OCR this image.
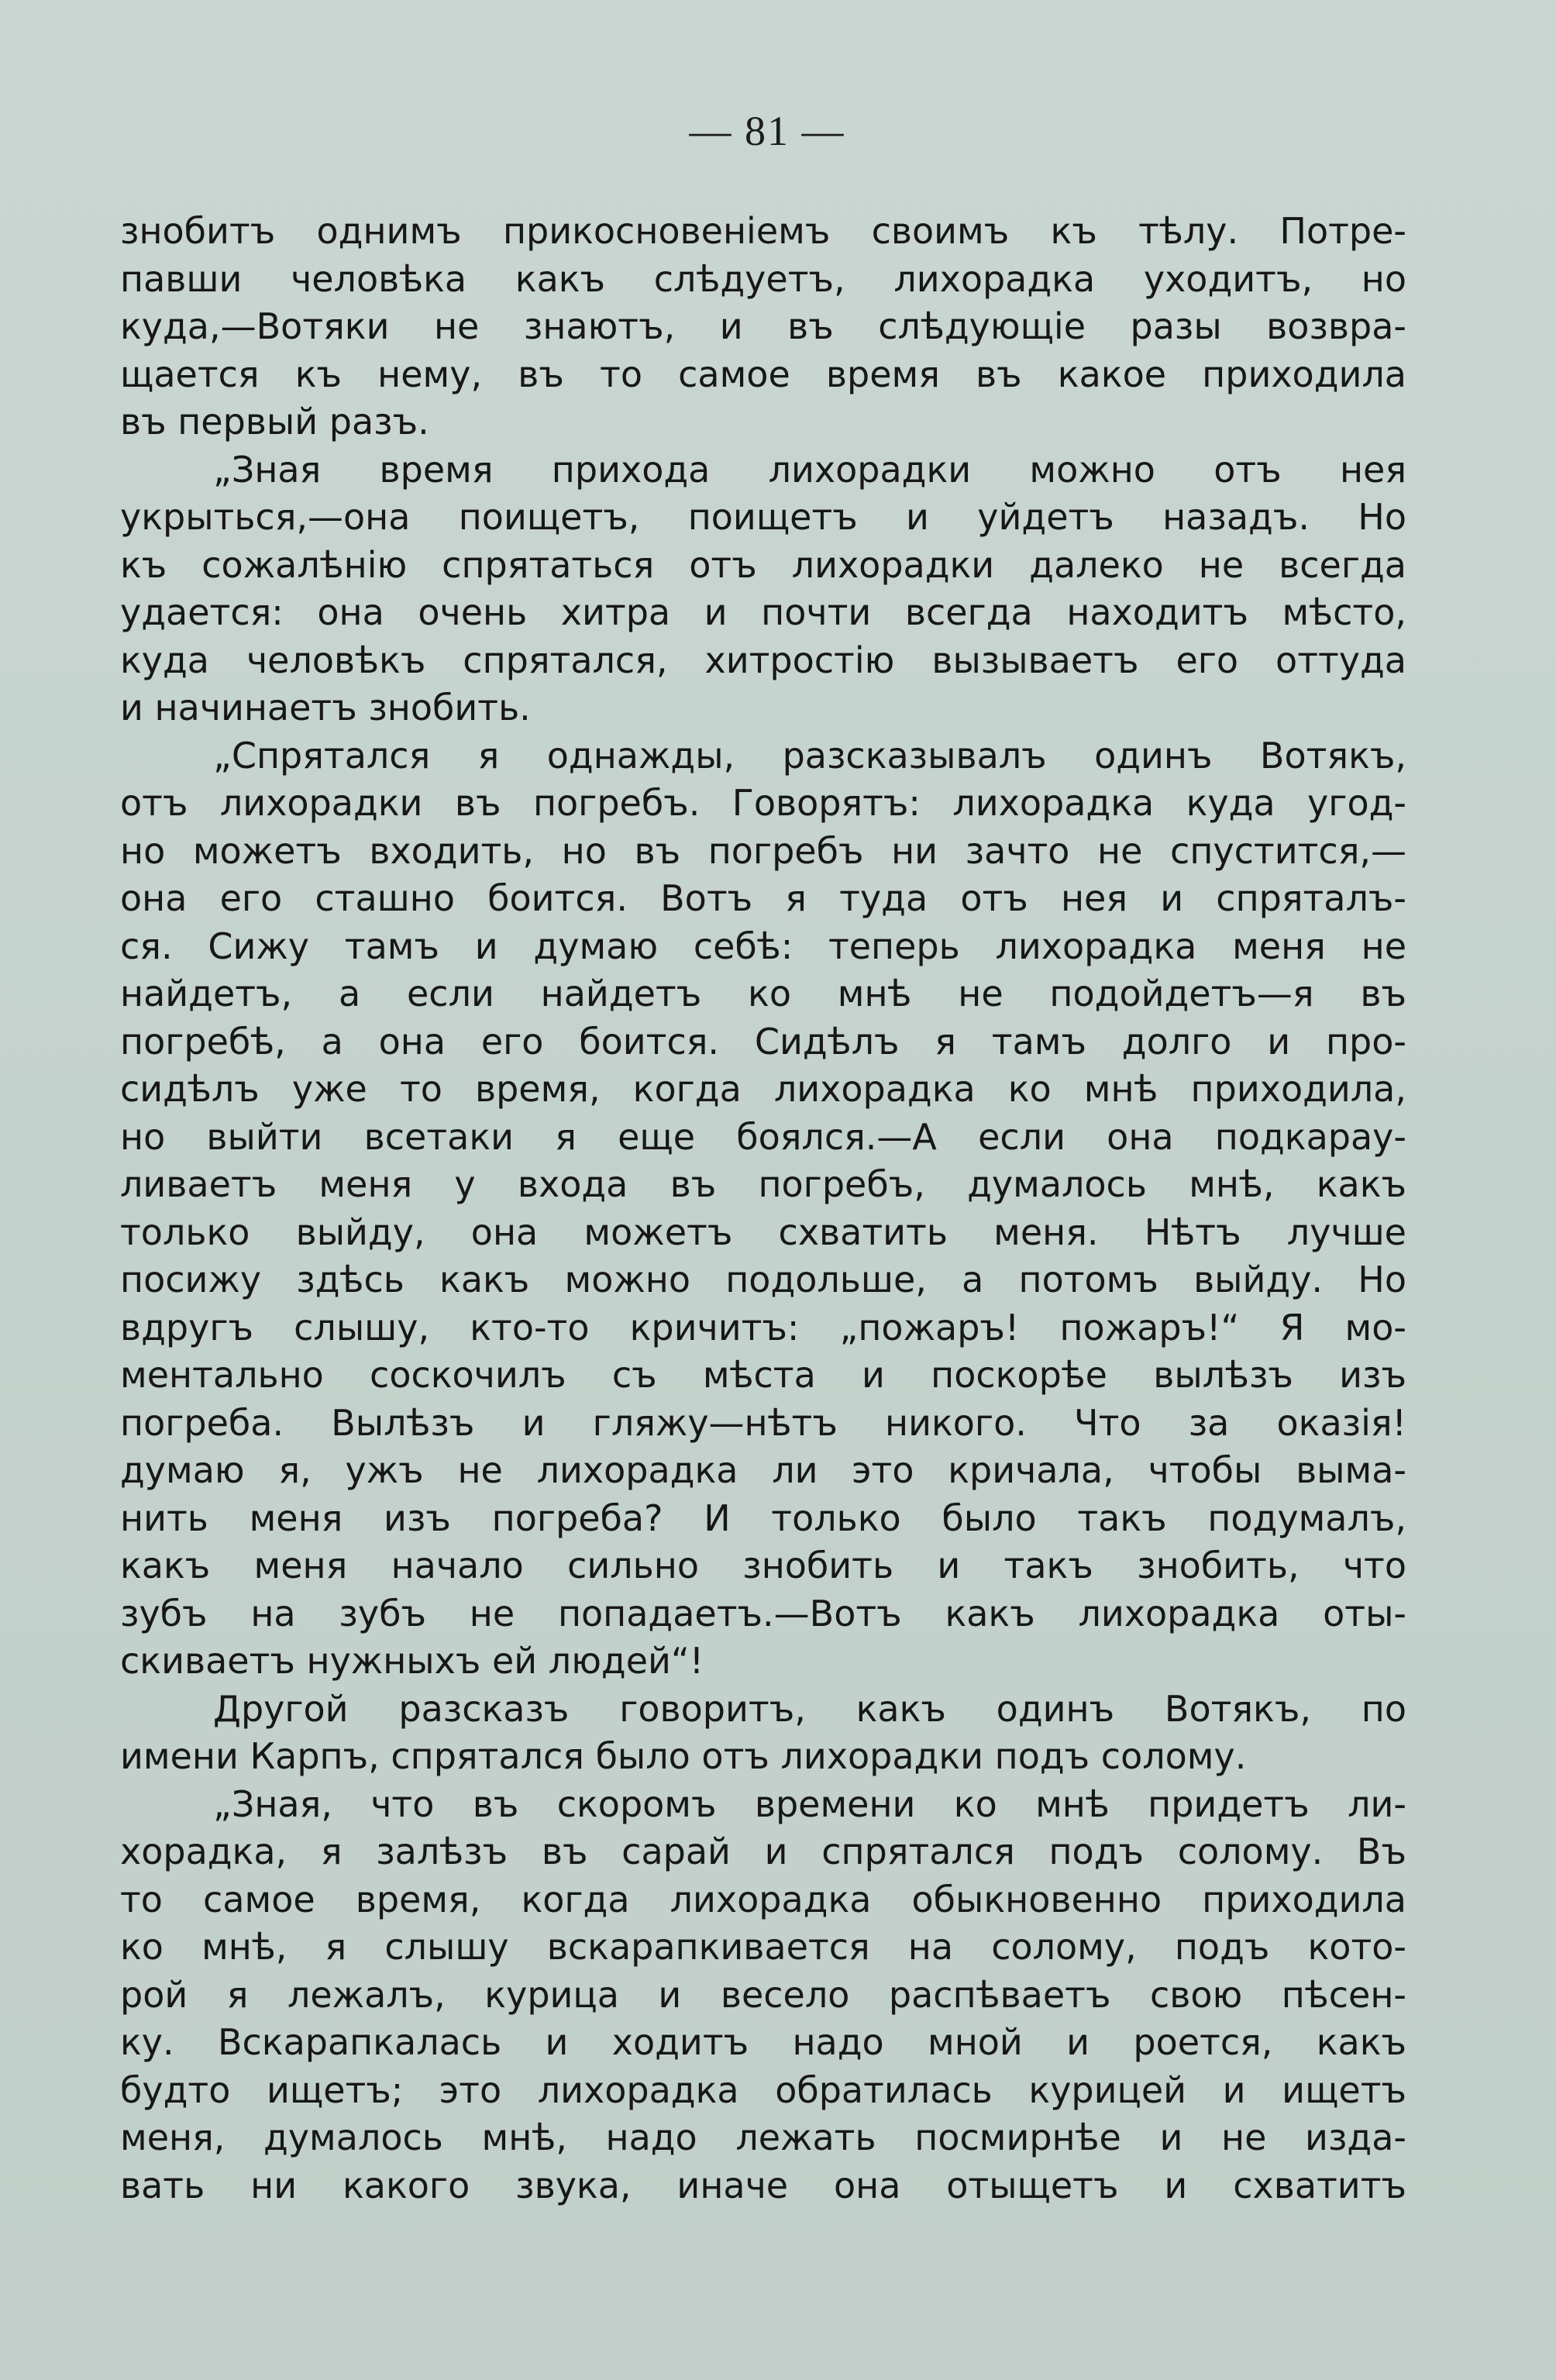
— 81 —
знобитъ однимъ прикосновенiемъ своимъ къ тѣлу. Потре-
павши человѣка какъ слѣдуетъ, лихорадка уходитъ, но
куда,—Вотяки не знаютъ, и въ слѣдующiе разы возвра-
щается къ нему, въ то самое время въ какое приходила
въ первый разъ.
„Зная время прихода лихорадки можно отъ нея
укрыться,—она поищетъ, поищетъ и уйдетъ назадъ. Но
къ сожалѣнiю спрятаться отъ лихорадки далеко не всегда
удается: она очень хитра и почти всегда находитъ мѣсто,
куда человѣкъ спрятался, хитростiю вызываетъ его оттуда
и начинаетъ знобить.
„Спрятался я однажды, разсказывалъ одинъ Вотякъ,
отъ лихорадки въ погребъ. Говорятъ: лихорадка куда угод-
но можетъ входить, но въ погребъ ни зачто не спустится,—
она его сташно боится. Вотъ я туда отъ нея и спряталъ-
ся. Сижу тамъ и думаю себѣ: теперь лихорадка меня не
найдетъ, а если найдетъ ко мнѣ не подойдетъ—я въ
погребѣ, а она его боится. Сидѣлъ я тамъ долго и про-
сидѣлъ уже то время, когда лихорадка ко мнѣ приходила,
но выйти всетаки я еще боялся.—А если она подкарау-
ливаетъ меня у входа въ погребъ, думалось мнѣ, какъ
только выйду, она можетъ схватить меня. Нѣтъ лучше
посижу здѣсь какъ можно подольше, а потомъ выйду. Но
вдругъ слышу, кто-то кричитъ: „пожаръ! пожаръ!“ Я мо-
ментально соскочилъ съ мѣста и поскорѣе вылѣзъ изъ
погреба. Вылѣзъ и гляжу—нѣтъ никого. Что за оказiя!
думаю я, ужъ не лихорадка ли это кричала, чтобы выма-
нить меня изъ погреба? И только было такъ подумалъ,
какъ меня начало сильно знобить и такъ знобить, что
зубъ на зубъ не попадаетъ.—Вотъ какъ лихорадка оты-
скиваетъ нужныхъ ей людей“!
Другой разсказъ говоритъ, какъ одинъ Вотякъ, по
имени Карпъ, спрятался было отъ лихорадки подъ солому.
„Зная, что въ скоромъ времени ко мнѣ придетъ ли-
хорадка, я залѣзъ въ сарай и спрятался подъ солому. Въ
то самое время, когда лихорадка обыкновенно приходила
ко мнѣ, я слышу вскарапкивается на солому, подъ кото-
рой я лежалъ, курица и весело распѣваетъ свою пѣсен-
ку. Вскарапкалась и ходитъ надо мной и роется, какъ
будто ищетъ; это лихорадка обратилась курицей и ищетъ
меня, думалось мнѣ, надо лежать посмирнѣе и не изда-
вать ни какого звука, иначе она отыщетъ и схватитъ
